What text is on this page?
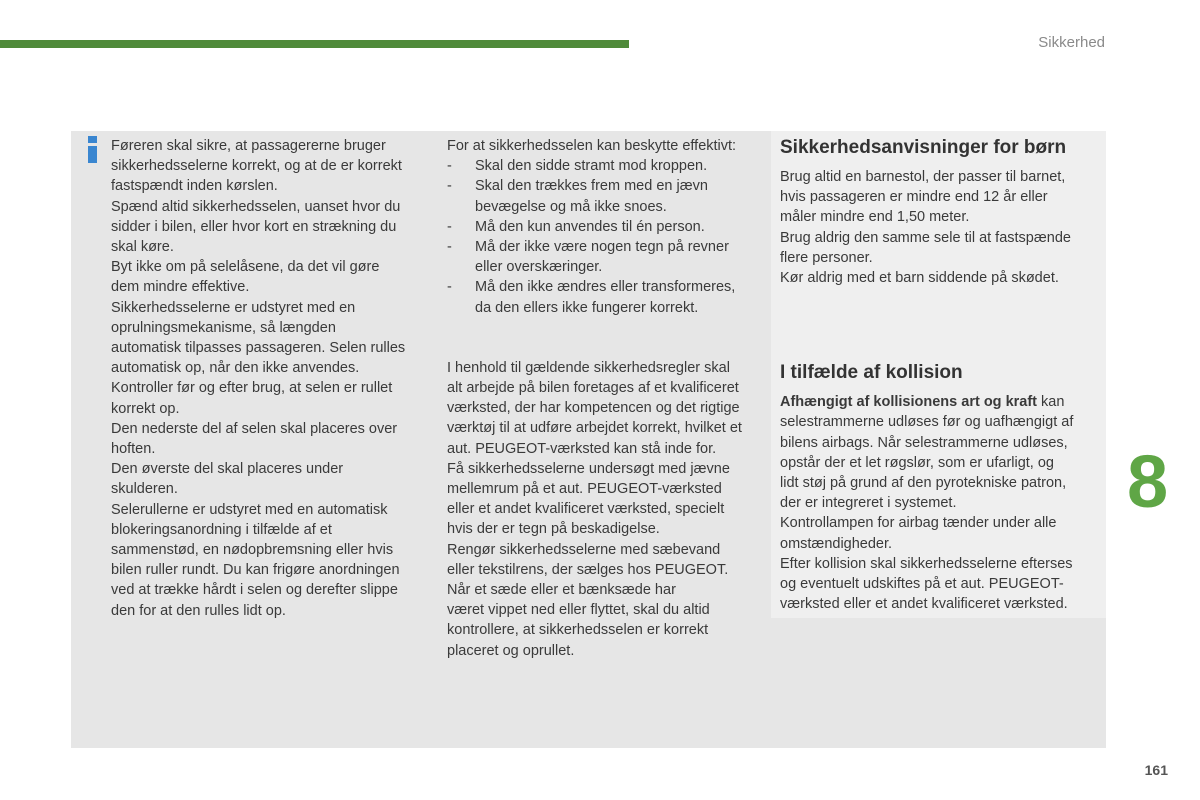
Sikkerhed

Føreren skal sikre, at passagererne bruger

sikkerhedsselerne korrekt, og at de er korrekt

fastspændt inden kørslen.

Spænd altid sikkerhedsselen, uanset hvor du

sidder i bilen, eller hvor kort en strækning du

skal køre.

Byt ikke om på selelåsene, da det vil gøre

dem mindre effektive.

Sikkerhedsselerne er udstyret med en

oprulningsmekanisme, så længden

automatisk tilpasses passageren. Selen rulles

automatisk op, når den ikke anvendes.

Kontroller før og efter brug, at selen er rullet

korrekt op.

Den nederste del af selen skal placeres over

hoften.

Den øverste del skal placeres under

skulderen.

Selerullerne er udstyret med en automatisk

blokeringsanordning i tilfælde af et

sammenstød, en nødopbremsning eller hvis

bilen ruller rundt. Du kan frigøre anordningen

ved at trække hårdt i selen og derefter slippe

den for at den rulles lidt op.

For at sikkerhedsselen kan beskytte effektivt:

- Skal den sidde stramt mod kroppen.
- Skal den trækkes frem med en jævn
bevægelse og må ikke snoes.
- Må den kun anvendes til én person.
- Må der ikke være nogen tegn på revner
eller overskæringer.
- Må den ikke ændres eller transformeres,
da den ellers ikke fungerer korrekt.

I henhold til gældende sikkerhedsregler skal

alt arbejde på bilen foretages af et kvalificeret

værksted, der har kompetencen og det rigtige

værktøj til at udføre arbejdet korrekt, hvilket et

aut. PEUGEOT-værksted kan stå inde for.

Få sikkerhedsselerne undersøgt med jævne

mellemrum på et aut. PEUGEOT-værksted

eller et andet kvalificeret værksted, specielt

hvis der er tegn på beskadigelse.

Rengør sikkerhedsselerne med sæbevand

eller tekstilrens, der sælges hos PEUGEOT.

Når et sæde eller et bænksæde har

været vippet ned eller flyttet, skal du altid

kontrollere, at sikkerhedsselen er korrekt

placeret og oprullet.

Sikkerhedsanvisninger for børn

Brug altid en barnestol, der passer til barnet,

hvis passageren er mindre end 12 år eller

måler mindre end 1,50 meter.

Brug aldrig den samme sele til at fastspænde

flere personer.

Kør aldrig med et barn siddende på skødet.

I tilfælde af kollision

Afhængigt af kollisionens art og kraft kan

selestrammerne udløses før og uafhængigt af

bilens airbags. Når selestrammerne udløses,

opstår der et let røgslør, som er ufarligt, og

lidt støj på grund af den pyrotekniske patron,

der er integreret i systemet.

Kontrollampen for airbag tænder under alle

omstændigheder.

Efter kollision skal sikkerhedsselerne efterses

og eventuelt udskiftes på et aut. PEUGEOT-

værksted eller et andet kvalificeret værksted.

8
161
